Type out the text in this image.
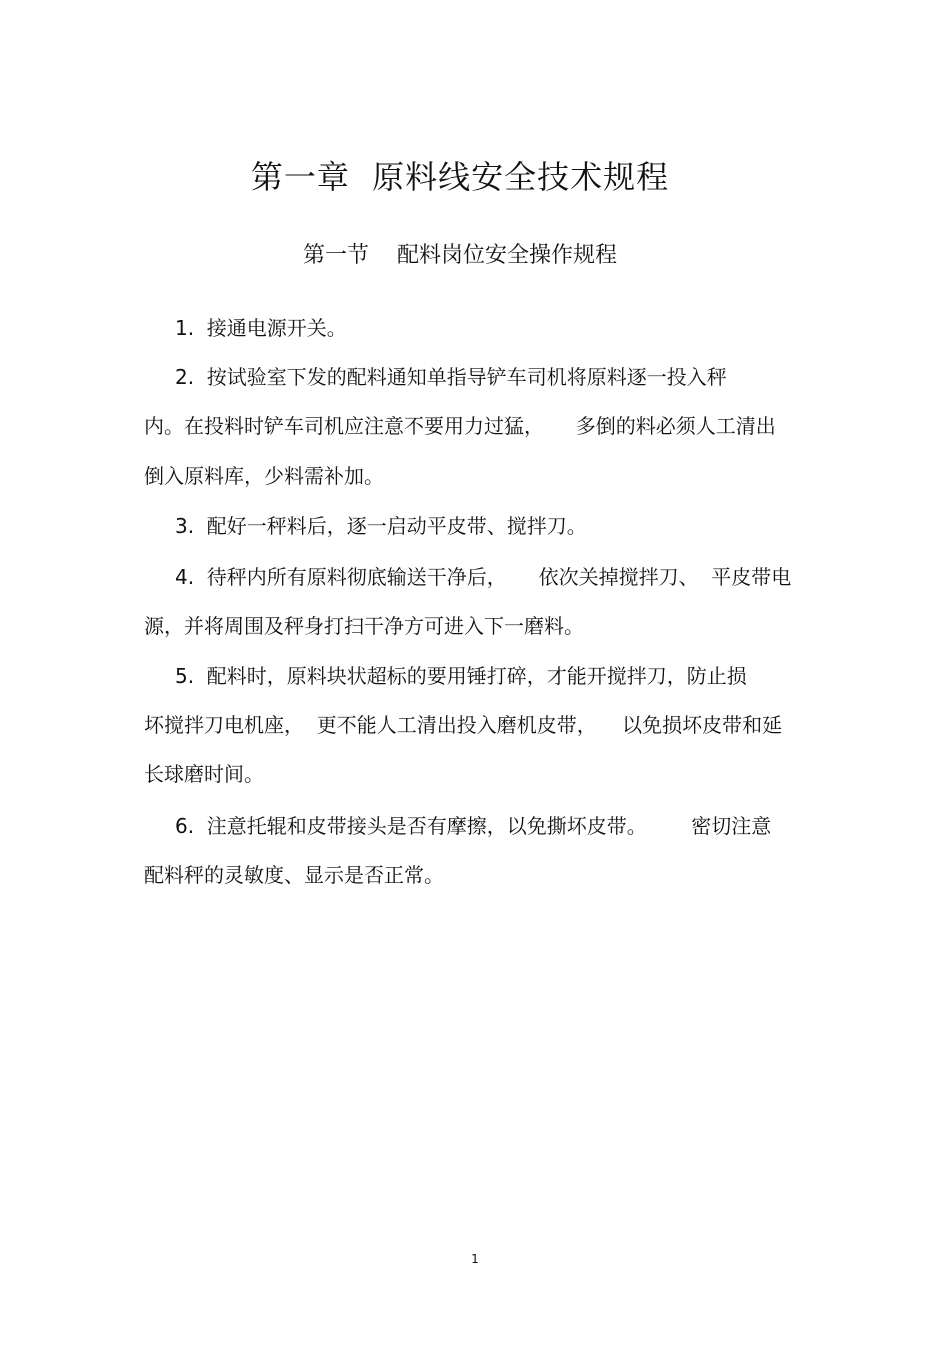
第一章  原料线安全技术规程
第一节    配料岗位安全操作规程
1.  接通电源开关。
2.  按试验室下发的配料通知单指导铲车司机将原料逐一投入秤
内。在投料时铲车司机应注意不要用力过猛，     多倒的料必须人工清出
倒入原料库，少料需补加。
3.  配好一秤料后，逐一启动平皮带、搅拌刀。
4.  待秤内所有原料彻底输送干净后，     依次关掉搅拌刀、  平皮带电
源，并将周围及秤身打扫干净方可进入下一磨料。
5.  配料时，原料块状超标的要用锤打碎，才能开搅拌刀，防止损
坏搅拌刀电机座，  更不能人工清出投入磨机皮带，    以免损坏皮带和延
长球磨时间。
6.  注意托辊和皮带接头是否有摩擦，以免撕坏皮带。       密切注意
配料秤的灵敏度、显示是否正常。
1
